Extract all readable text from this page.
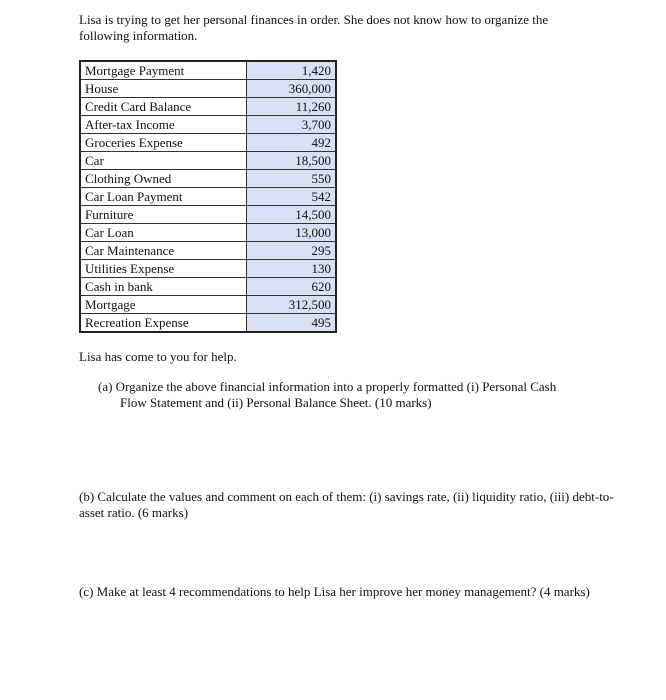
Lisa is trying to get her personal finances in order. She does not know how to organize the following information.
Mortgage Payment	1,420
House	360,000
Credit Card Balance	11,260
After-tax Income	3,700
Groceries Expense	492
Car	18,500
Clothing Owned	550
Car Loan Payment	542
Furniture	14,500
Car Loan	13,000
Car Maintenance	295
Utilities Expense	130
Cash in bank	620
Mortgage	312,500
Recreation Expense	495
Lisa has come to you for help.
(a) Organize the above financial information into a properly formatted (i) Personal Cash
Flow Statement and (ii) Personal Balance Sheet. (10 marks)
(b) Calculate the values and comment on each of them: (i) savings rate, (ii) liquidity ratio, (iii) debt-to-asset ratio. (6 marks)
(c) Make at least 4 recommendations to help Lisa her improve her money management? (4 marks)
